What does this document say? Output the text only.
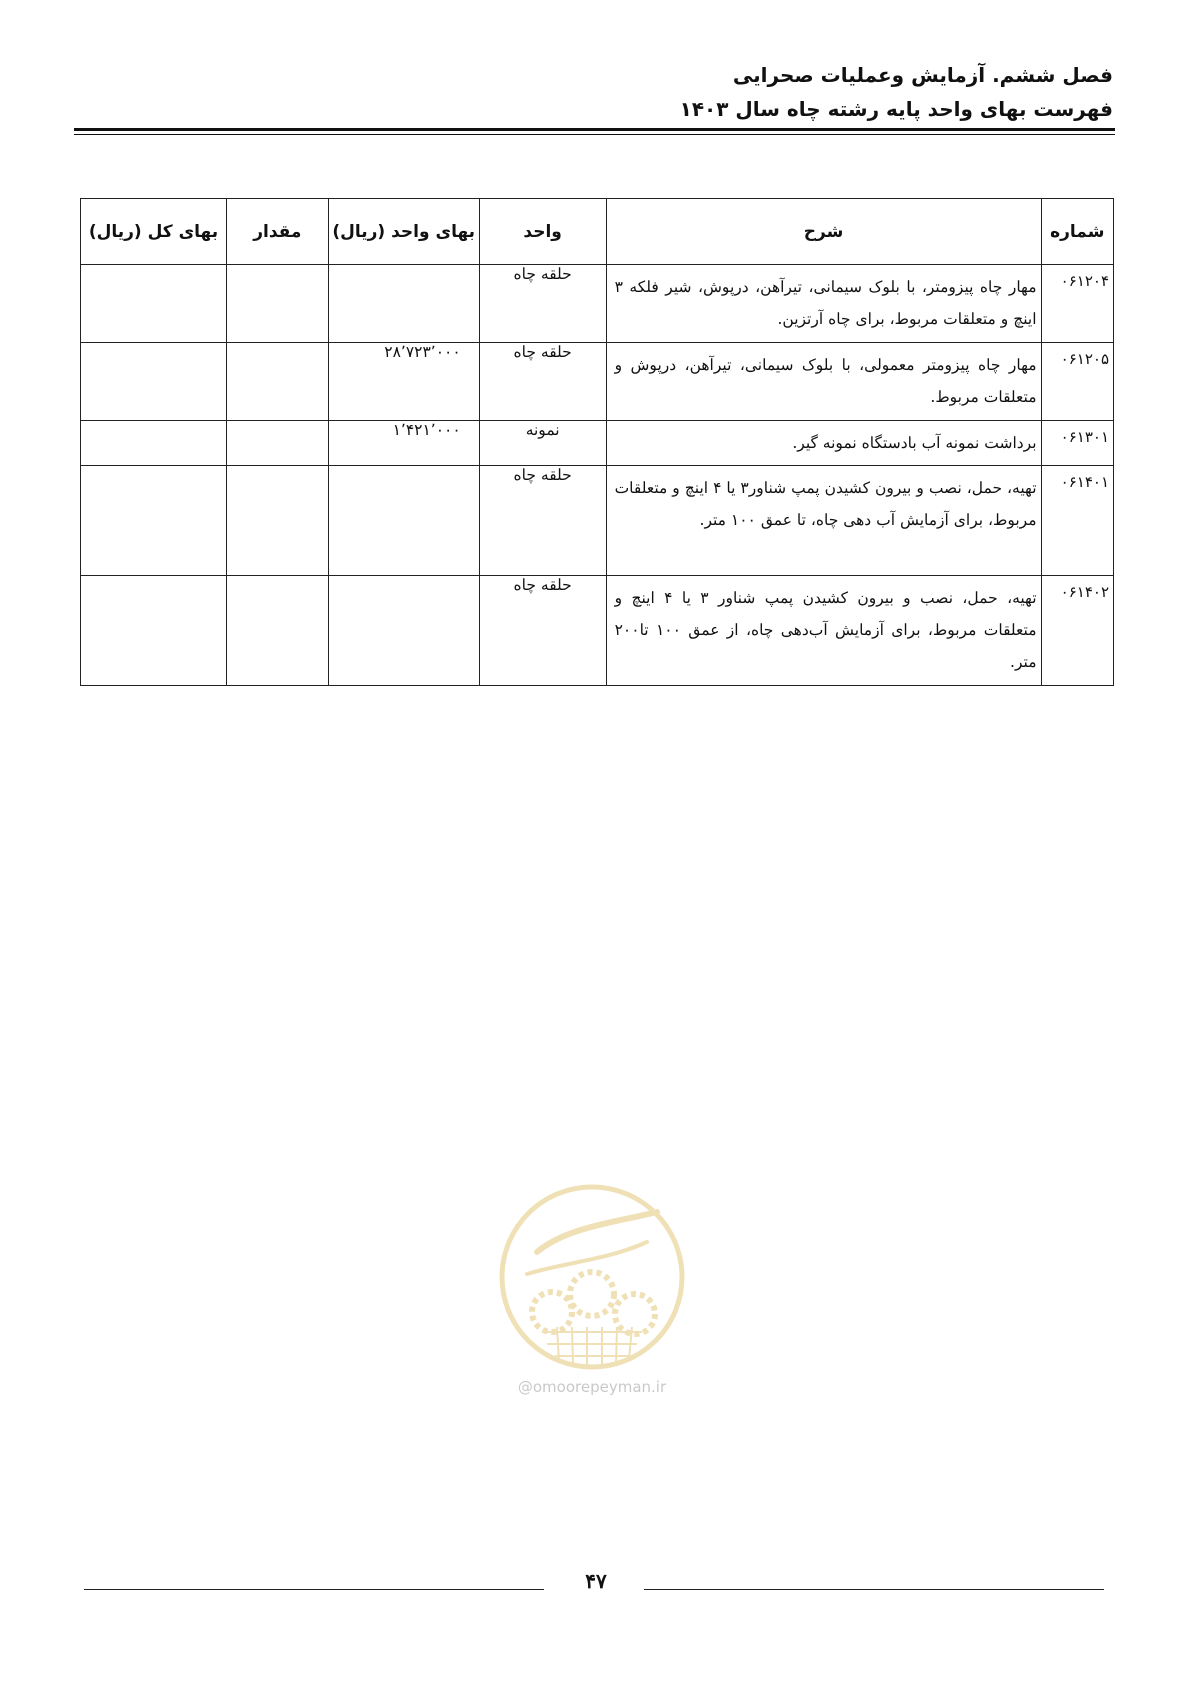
فصل ششم. آزمایش وعملیات صحرایی
فهرست بهای واحد پایه رشته چاه سال ۱۴۰۳
شماره	شرح	واحد	بهای واحد (ریال)	مقدار	بهای کل (ریال)
۰۶۱۲۰۴	مهار چاه پیزومتر، با بلوک سیمانی، تیرآهن، درپوش، شیر فلکه ۳ اینچ و متعلقات مربوط، برای چاه آرتزین.	حلقه چاه			
۰۶۱۲۰۵	مهار چاه پیزومتر معمولی، با بلوک سیمانی، تیرآهن، درپوش و متعلقات مربوط.	حلقه چاه	۲۸٬۷۲۳٬۰۰۰		
۰۶۱۳۰۱	برداشت نمونه آب بادستگاه نمونه گیر.	نمونه	۱٬۴۲۱٬۰۰۰		
۰۶۱۴۰۱	تهیه، حمل، نصب و بیرون کشیدن پمپ شناور۳ یا ۴ اینچ و متعلقات مربوط، برای آزمایش آب دهی چاه، تا عمق ۱۰۰ متر.	حلقه چاه			
۰۶۱۴۰۲	تهیه، حمل، نصب و بیرون کشیدن پمپ شناور ۳ یا ۴ اینچ و متعلقات مربوط، برای آزمایش آب‌دهی چاه، از عمق ۱۰۰ تا۲۰۰ متر.	حلقه چاه			
@omoorepeyman.ir
۴۷
